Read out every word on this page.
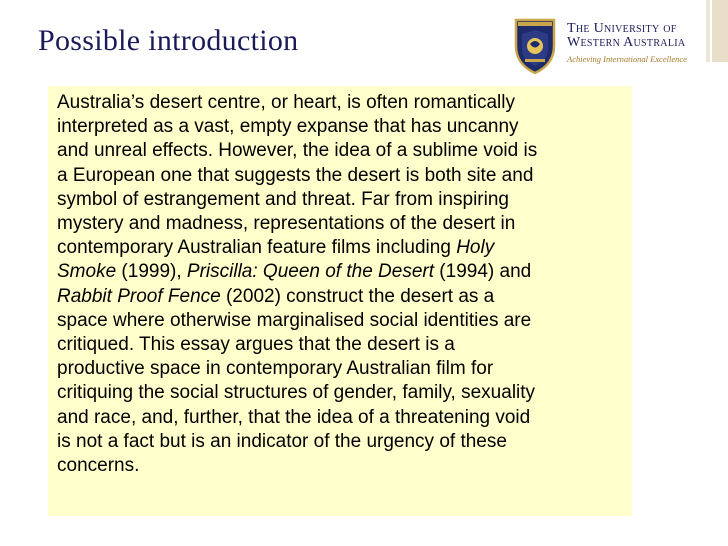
Possible introduction	The University of
Western Australia
Achieving International Excellence

Australia’s desert centre, or heart, is often romantically
interpreted as a vast, empty expanse that has uncanny
and unreal effects. However, the idea of a sublime void is
a European one that suggests the desert is both site and
symbol of estrangement and threat. Far from inspiring
mystery and madness, representations of the desert in
contemporary Australian feature films including Holy
Smoke (1999), Priscilla: Queen of the Desert (1994) and
Rabbit Proof Fence (2002) construct the desert as a
space where otherwise marginalised social identities are
critiqued. This essay argues that the desert is a
productive space in contemporary Australian film for
critiquing the social structures of gender, family, sexuality
and race, and, further, that the idea of a threatening void
is not a fact but is an indicator of the urgency of these
concerns.
